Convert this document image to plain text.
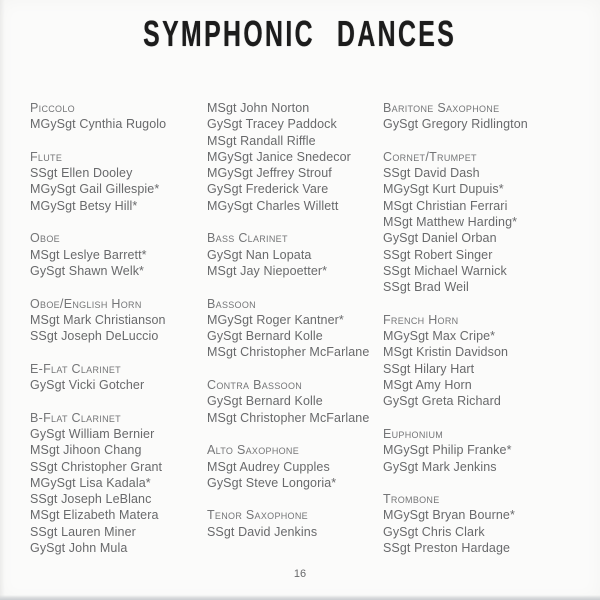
SYMPHONIC DANCES
Piccolo
MGySgt Cynthia Rugolo
Flute
SSgt Ellen Dooley
MGySgt Gail Gillespie*
MGySgt Betsy Hill*
Oboe
MSgt Leslye Barrett*
GySgt Shawn Welk*
Oboe/English Horn
MSgt Mark Christianson
SSgt Joseph DeLuccio
E-Flat Clarinet
GySgt Vicki Gotcher
B-Flat Clarinet
GySgt William Bernier
MSgt Jihoon Chang
SSgt Christopher Grant
MGySgt Lisa Kadala*
SSgt Joseph LeBlanc
MSgt Elizabeth Matera
SSgt Lauren Miner
GySgt John Mula
MSgt John Norton
GySgt Tracey Paddock
MSgt Randall Riffle
MGySgt Janice Snedecor
MGySgt Jeffrey Strouf
GySgt Frederick Vare
MGySgt Charles Willett
Bass Clarinet
GySgt Nan Lopata
MSgt Jay Niepoetter*
Bassoon
MGySgt Roger Kantner*
GySgt Bernard Kolle
MSgt Christopher McFarlane
Contra Bassoon
GySgt Bernard Kolle
MSgt Christopher McFarlane
Alto Saxophone
MSgt Audrey Cupples
GySgt Steve Longoria*
Tenor Saxophone
SSgt David Jenkins
Baritone Saxophone
GySgt Gregory Ridlington
Cornet/Trumpet
SSgt David Dash
MGySgt Kurt Dupuis*
MSgt Christian Ferrari
MSgt Matthew Harding*
GySgt Daniel Orban
SSgt Robert Singer
SSgt Michael Warnick
SSgt Brad Weil
French Horn
MGySgt Max Cripe*
MSgt Kristin Davidson
SSgt Hilary Hart
MSgt Amy Horn
GySgt Greta Richard
Euphonium
MGySgt Philip Franke*
GySgt Mark Jenkins
Trombone
MGySgt Bryan Bourne*
GySgt Chris Clark
SSgt Preston Hardage
16
